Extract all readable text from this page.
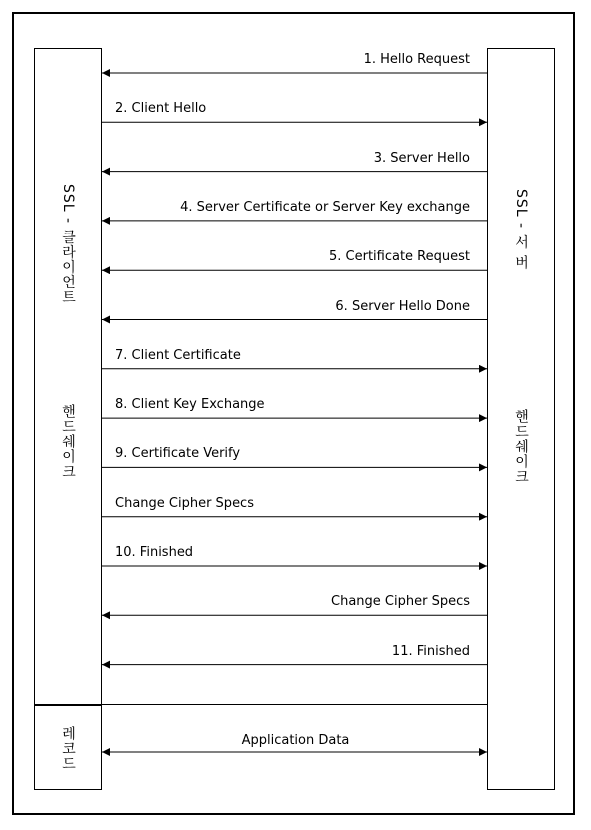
SSL - 클라이언트
핸드쉐이크
레코드
SSL - 서 버
핸드쉐이크
1. Hello Request
2. Client Hello
3. Server Hello
4. Server Certificate or Server Key exchange
5. Certificate Request
6. Server Hello Done
7. Client Certificate
8. Client Key Exchange
9. Certificate Verify
Change Cipher Specs
10. Finished
Change Cipher Specs
11. Finished
Application Data
